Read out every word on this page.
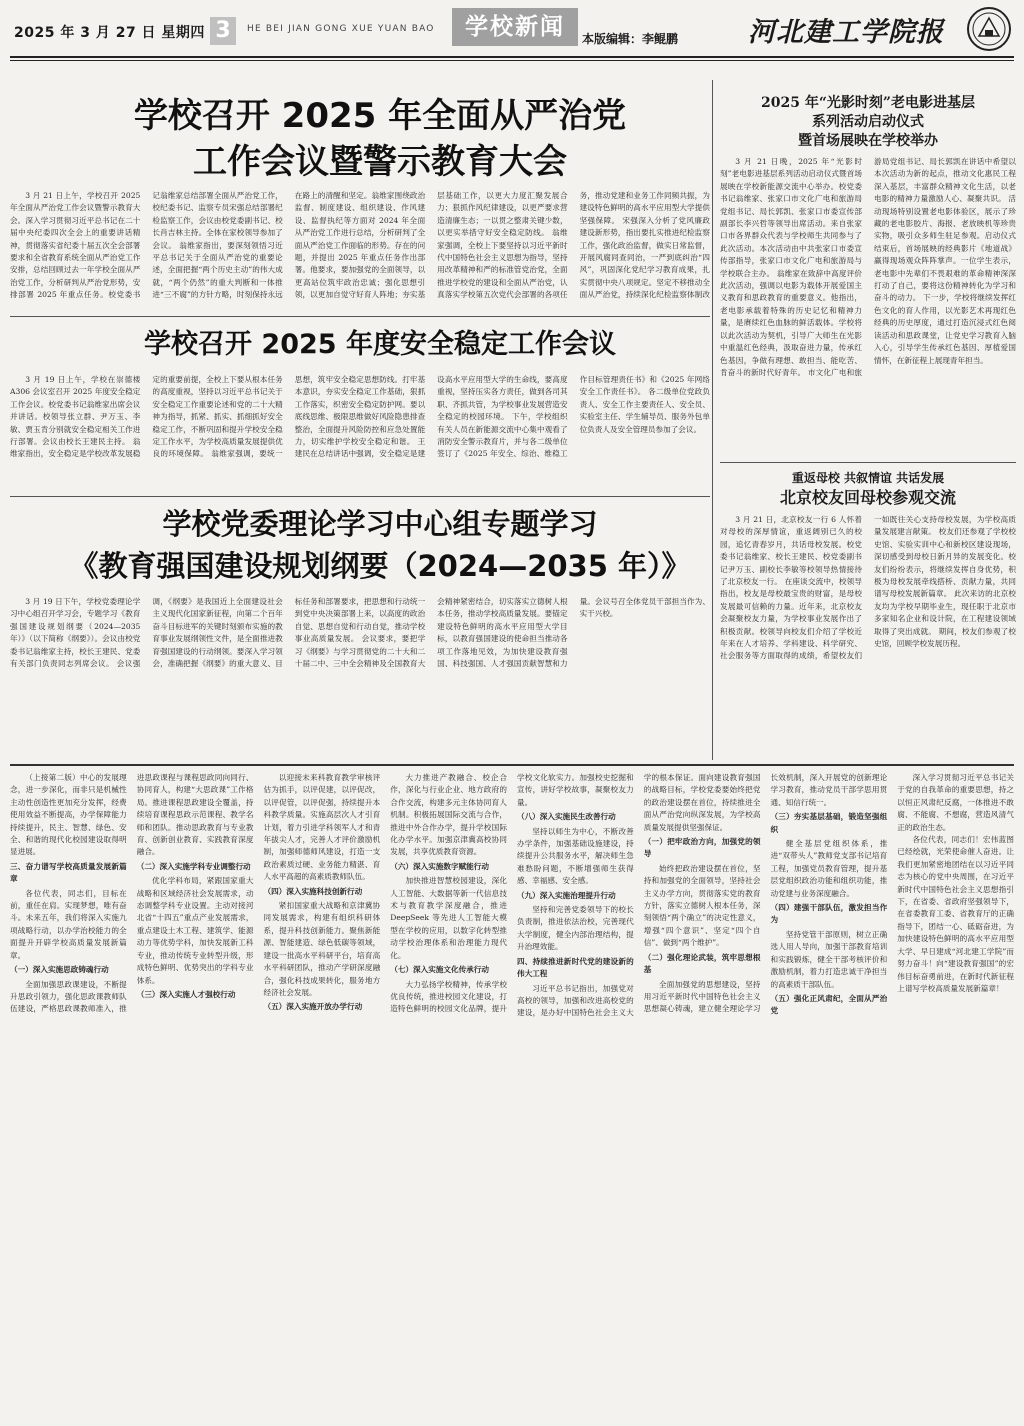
2025 年 3 月 27 日 星期四 3	HE BEI JIAN GONG XUE YUAN BAO	学校新闻	本版编辑：李鲲鹏	河北建工学院报
学校召开 2025 年全面从严治党
工作会议暨警示教育大会

3 月 21 日上午，学校召开 2025 年全面从严治党工作会议暨警示教育大会。深入学习贯彻习近平总书记在二十届中央纪委四次全会上的重要讲话精神，贯彻落实省纪委十届五次全会部署要求和全省教育系统全面从严治党工作安排，总结回顾过去一年学校全面从严治党工作，分析研判从严治党形势，安排部署 2025 年重点任务。校党委书记翁维家总结部署全面从严治党工作，校纪委书记、监察专员宋强总结部署纪检监察工作，会议由校党委副书记、校长肖吉林主持。全体在家校领导参加了会议。 翁维家指出，要深刻领悟习近平总书记关于全面从严治党的重要论述，全面把握“两个历史主动”的伟大成就，“两个仍然”的重大判断和一体推进“三不腐”的方针方略，时刻保持永远在路上的清醒和坚定。翁维家围绕政治监督、制度建设、组织建设、作风建设、监督执纪等方面对 2024 年全面从严治党工作进行总结，分析研判了全面从严治党工作面临的形势。存在的问题，并提出 2025 年重点任务作出部署。他要求，要加强党的全面领导，以更高站位筑牢政治忠诚；强化思想引领，以更加自觉守好育人阵地；夯实基层基础工作，以更大力度汇聚发展合力；狠抓作风纪律建设，以更严要求营造清廉生态；一以贯之整肃关键少数，以更实举措守好安全稳定防线。 翁维家强调，全校上下要坚持以习近平新时代中国特色社会主义思想为指导，坚持用改革精神和严的标准管党治党，全面推进学校党的建设和全面从严治党，认真落实学校第五次党代会部署的各项任务，推动党建和业务工作同频共振，为建设特色鲜明的高水平应用型大学提供坚强保障。 宋强深入分析了党风廉政建设新形势，指出要扎实推进纪检监察工作，强化政治监督，做实日常监督，开展风腐同查同治，一严到底纠治“四风”，巩固深化党纪学习教育成果，扎实贯彻中央八项规定。坚定不移推动全面从严治党，持续深化纪检监察体制改

学校召开 2025 年度安全稳定工作会议

3 月 19 日上午，学校在崇德楼 A306 会议室召开 2025 年度安全稳定工作会议。校党委书记翁维家出席会议并讲话。校领导张立群、尹万玉、李敏、贾玉肯分别就安全稳定相关工作进行部署。会议由校长王建民主持。 翁维家指出，安全稳定是学校改革发展稳定的重要前提，全校上下要从根本任务的高度重视，坚持以习近平总书记关于安全稳定工作重要论述和党的二十大精神为指导，抓紧、抓实、抓细抓好安全稳定工作，不断巩固和提升学校安全稳定工作水平，为学校高质量发展提供优良的环境保障。 翁维家强调，要统一思想，筑牢安全稳定思想防线。打牢基本意识，夯实安全稳定工作基础，狠抓工作落实，织密安全稳定防护网。要以底线思维、极限思维做好风险隐患排查整治，全面提升风险防控和应急处置能力，切实维护学校安全稳定和谐。 王建民在总结讲话中强调，安全稳定是建设高水平应用型大学的生命线，要高度重视，坚持压实各方责任，做到各司其职、齐抓共管，为学校事业发展营造安全稳定的校园环境。 下午，学校组织有关人员在新能源交流中心集中观看了消防安全警示教育片，并与各二级单位签订了《2025 年安全、综治、维稳工作目标管理责任书》和《2025 年网络安全工作责任书》。 各二级单位党政负责人、安全工作主要责任人、安全员、实验室主任、学生辅导员、服务外包单位负责人及安全管理员参加了会议。

学校党委理论学习中心组专题学习
《教育强国建设规划纲要（2024—2035 年）》

3 月 19 日下午，学校党委理论学习中心组召开学习会，专题学习《教育强国建设规划纲要（2024—2035 年）》（以下简称《纲要》）。会议由校党委书记翁维家主持，校长王建民、党委有关部门负责同志列席会议。 会议强调，《纲要》是我国近上全面建设社会主义现代化国家新征程，向第二个百年奋斗目标进军的关键时刻颁布实施的教育事业发展纲领性文件，是全面推进教育强国建设的行动纲领。要深入学习领会，准确把握《纲要》的重大意义、目标任务和部署要求，把思想和行动统一到党中央决策部署上来，以高度的政治自觉、思想自觉和行动自觉，推动学校事业高质量发展。 会议要求，要把学习《纲要》与学习贯彻党的二十大和二十届二中、三中全会精神及全国教育大会精神紧密结合，切实落实立德树人根本任务，推动学校高质量发展。要锚定建设特色鲜明的高水平应用型大学目标，以教育强国建设的使命担当推动各项工作落地见效，为加快建设教育强国、科技强国、人才强国贡献智慧和力量。会议号召全体党员干部担当作为、实干兴校。

2025 年“光影时刻”老电影进基层
系列活动启动仪式
暨首场展映在学校举办

3 月 21 日晚，2025 年“光影时刻”老电影进基层系列活动启动仪式暨首场展映在学校新能源交流中心举办。校党委书记翁维家、张家口市文化广电和旅游局党组书记、局长郭凯、张家口市委宣传部副部长李兴哲等领导出席活动。来自张家口市各界群众代表与学校师生共同参与了此次活动。本次活动由中共张家口市委宣传部指导，张家口市文化广电和旅游局与学校联合主办。 翁维家在致辞中高度评价此次活动，强调以电影为载体开展爱国主义教育和思政教育的重要意义。他指出，老电影承载着特殊的历史记忆和精神力量，是赓续红色血脉的鲜活载体。学校将以此次活动为契机，引导广大师生在光影中重温红色经典，汲取奋进力量，传承红色基因，争做有理想、敢担当、能吃苦、肯奋斗的新时代好青年。 市文化广电和旅游局党组书记、局长郭凯在讲话中希望以本次活动为新的起点，推动文化惠民工程深入基层，丰富群众精神文化生活，以老电影的精神力量激励人心、凝聚共识。 活动现场特别设置老电影体验区，展示了珍藏的老电影胶片、海报、老放映机等珍贵实物，吸引众多师生驻足参观。启动仪式结束后，首场展映的经典影片《地道战》赢得现场观众阵阵掌声。一位学生表示，老电影中先辈们不畏艰难的革命精神深深打动了自己，要将这份精神转化为学习和奋斗的动力。 下一步，学校将继续发挥红色文化的育人作用，以光影艺术再现红色经典的历史厚度，通过打造沉浸式红色阅读活动和思政课堂，让党史学习教育入脑入心，引导学生传承红色基因、厚植爱国情怀，在新征程上展现青年担当。

重返母校 共叙情谊 共话发展
北京校友回母校参观交流

3 月 21 日，北京校友一行 6 人怀着对母校的深厚情谊，重返阔别已久的校园，追忆青春岁月，共话母校发展。校党委书记翁维家、校长王建民、校党委副书记尹万玉、副校长李敏等校领导热情接待了北京校友一行。 在座谈交流中，校领导指出，校友是母校最宝贵的财富，是母校发展最可信赖的力量。近年来，北京校友会凝聚校友力量，为学校事业发展作出了积极贡献。校领导向校友们介绍了学校近年来在人才培养、学科建设、科学研究、社会服务等方面取得的成绩，希望校友们一如既往关心支持母校发展，为学校高质量发展建言献策。 校友们还参观了学校校史馆、实验实训中心和新校区建设现场，深切感受到母校日新月异的发展变化。校友们纷纷表示，将继续发挥自身优势，积极为母校发展牵线搭桥、贡献力量，共同谱写母校发展新篇章。 此次来访的北京校友均为学校早期毕业生，现任职于北京市多家知名企业和设计院，在工程建设领域取得了突出成就。 期间，校友们参观了校史馆，回顾学校发展历程。

（上接第二版）中心的发展理念，进一步深化，而非只是机械性主动性创造性更加充分发挥，经费使用效益不断提高，办学保障能力持续提升，民主、智慧、绿色、安全、和谐的现代化校园建设取得明显进展。

三、奋力谱写学校高质量发展新篇章

各位代表，同志们，目标在前，重任在肩。实现梦想，唯有奋斗。未来五年，我们将深入实施九项战略行动，以办学治校能力的全面提升开辟学校高质量发展新篇章。

（一）深入实施思政铸魂行动

全面加强思政课建设，不断提升思政引领力，强化思政课教师队伍建设，严格思政课教师准入，推进思政课程与课程思政同向同行、协同育人，构建“大思政课”工作格局。推进课程思政建设全覆盖，持续培育课程思政示范课程、教学名师和团队。推动思政教育与专业教育、创新创业教育、实践教育深度融合。

（二）深入实施学科专业调整行动

优化学科布局，紧跟国家重大战略和区域经济社会发展需求，动态调整学科专业设置。主动对接河北省“十四五”重点产业发展需求，重点建设土木工程、建筑学、能源动力等优势学科，加快发展新工科专业，推动传统专业转型升级，形成特色鲜明、优势突出的学科专业体系。

（三）深入实施人才强校行动

以迎接未来科教育教学审核评估为抓手，以评促建，以评促改，以评促管，以评促强，持续提升本科教学质量。实施高层次人才引育计划，着力引进学科领军人才和青年拔尖人才，完善人才评价激励机制，加强师德师风建设，打造一支政治素质过硬、业务能力精湛、育人水平高超的高素质教师队伍。

（四）深入实施科技创新行动

紧扣国家重大战略和京津冀协同发展需求，构建有组织科研体系，提升科技创新能力。聚焦新能源、智能建造、绿色低碳等领域，建设一批高水平科研平台，培育高水平科研团队，推动产学研深度融合，强化科技成果转化，服务地方经济社会发展。

（五）深入实施开放办学行动

大力推进产教融合、校企合作，深化与行业企业、地方政府的合作交流，构建多元主体协同育人机制。积极拓展国际交流与合作，推进中外合作办学，提升学校国际化办学水平。加强京津冀高校协同发展，共享优质教育资源。

（六）深入实施数字赋能行动

加快推进智慧校园建设，深化人工智能、大数据等新一代信息技术与教育教学深度融合，推进 DeepSeek 等先进人工智能大模型在学校的应用，以数字化转型推动学校治理体系和治理能力现代化。

（七）深入实施文化传承行动

大力弘扬学校精神，传承学校优良传统，推进校园文化建设，打造特色鲜明的校园文化品牌，提升学校文化软实力。加强校史挖掘和宣传，讲好学校故事，凝聚校友力量。

（八）深入实施民生改善行动

坚持以师生为中心，不断改善办学条件，加强基础设施建设，持续提升公共服务水平，解决师生急难愁盼问题，不断增强师生获得感、幸福感、安全感。

（九）深入实施治理提升行动

坚持和完善党委领导下的校长负责制，推进依法治校，完善现代大学制度，健全内部治理结构，提升治理效能。

四、持续推进新时代党的建设新的伟大工程

习近平总书记指出，加强党对高校的领导，加强和改进高校党的建设，是办好中国特色社会主义大学的根本保证。面向建设教育强国的战略目标，学校党委要始终把党的政治建设摆在首位，持续推进全面从严治党向纵深发展，为学校高质量发展提供坚强保证。

（一）把牢政治方向，加强党的领导

始终把政治建设摆在首位，坚持和加强党的全面领导，坚持社会主义办学方向，贯彻落实党的教育方针，落实立德树人根本任务，深刻领悟“两个确立”的决定性意义，增强“四个意识”、坚定“四个自信”、做到“两个维护”。

（二）强化理论武装，筑牢思想根基

全面加强党的思想建设，坚持用习近平新时代中国特色社会主义思想凝心铸魂，建立健全理论学习长效机制，深入开展党的创新理论学习教育，推动党员干部学思用贯通、知信行统一。

（三）夯实基层基础，锻造坚强组织

健全基层党组织体系，推进“双带头人”教师党支部书记培育工程，加强党员教育管理，提升基层党组织政治功能和组织功能，推动党建与业务深度融合。

（四）建强干部队伍，激发担当作为

坚持党管干部原则，树立正确选人用人导向，加强干部教育培训和实践锻炼，健全干部考核评价和激励机制，着力打造忠诚干净担当的高素质干部队伍。

（五）强化正风肃纪，全面从严治党

深入学习贯彻习近平总书记关于党的自我革命的重要思想，持之以恒正风肃纪反腐，一体推进不敢腐、不能腐、不想腐，营造风清气正的政治生态。

各位代表，同志们！宏伟蓝图已经绘就，光荣使命催人奋进。让我们更加紧密地团结在以习近平同志为核心的党中央周围，在习近平新时代中国特色社会主义思想指引下，在省委、省政府坚强领导下，在省委教育工委、省教育厅的正确指导下，团结一心、砥砺奋进，为加快建设特色鲜明的高水平应用型大学、早日建成“河北建工学院”而努力奋斗！向“建设教育强国”的宏伟目标奋勇前进，在新时代新征程上谱写学校高质量发展新篇章！
